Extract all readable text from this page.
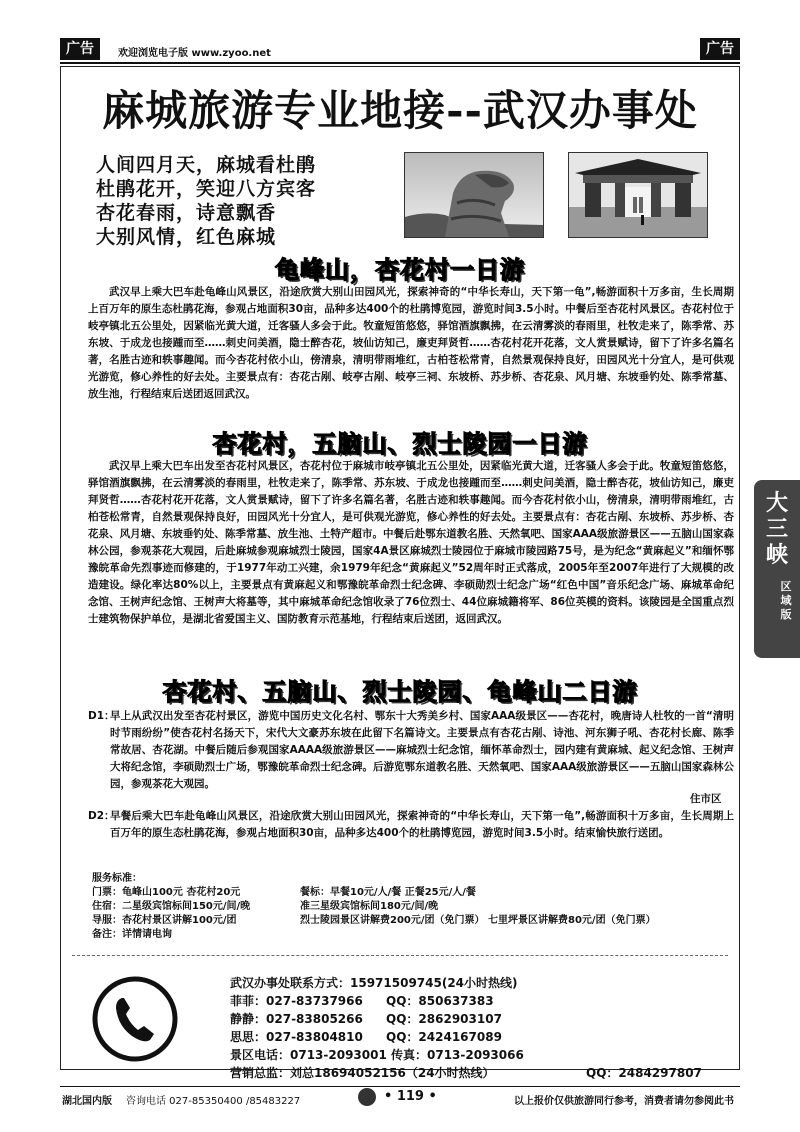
广告	欢迎浏览电子版 www.zyoo.net	广告
麻城旅游专业地接--武汉办事处
人间四月天，麻城看杜鹃
杜鹃花开，笑迎八方宾客
杏花春雨，诗意飘香
大别风情，红色麻城
龟峰山，杏花村一日游
武汉早上乘大巴车赴龟峰山风景区，沿途欣赏大别山田园风光，探索神奇的“中华长寿山，天下第一龟”,畅游面积十万多亩，生长周期上百万年的原生态杜鹃花海，参观占地面积30亩，品种多达400个的杜鹃博览园，游览时间3.5小时。中餐后至杏花村风景区。杏花村位于岐亭镇北五公里处，因紧临光黄大道，迁客骚人多会于此。牧童短笛悠悠，驿馆酒旗飘拂，在云清雾淡的春雨里，杜牧走来了，陈季常、苏东坡、于成龙也接踵而至……刺史问美酒，隐士醉杏花，坡仙访知己，廉吏拜贤哲……杏花村花开花落，文人赏景赋诗，留下了许多名篇名著，名胜古迹和轶事趣闻。而今杏花村依小山，傍清泉，清明带雨堆红，古柏苍松常青，自然景观保持良好，田园风光十分宜人，是可供观光游览，修心养性的好去处。主要景点有：杏花古剐、岐亭古剐、岐亭三祠、东坡桥、苏步桥、杏花泉、风月塘、东坡垂钓处、陈季常墓、放生池，行程结束后送团返回武汉。
杏花村，五脑山、烈士陵园一日游
武汉早上乘大巴车出发至杏花村风景区，杏花村位于麻城市岐亭镇北五公里处，因紧临光黄大道，迁客骚人多会于此。牧童短笛悠悠，驿馆酒旗飘拂，在云清雾淡的春雨里，杜牧走来了，陈季常、苏东坡、于成龙也接踵而至……刺史问美酒，隐士醉杏花，坡仙访知己，廉吏拜贤哲……杏花村花开花落，文人赏景赋诗，留下了许多名篇名著，名胜古迹和轶事趣闻。而今杏花村依小山，傍清泉，清明带雨堆红，古柏苍松常青，自然景观保持良好，田园风光十分宜人，是可供观光游览，修心养性的好去处。主要景点有：杏花古剐、东坡桥、苏步桥、杏花泉、风月塘、东坡垂钓处、陈季常墓、放生池、土特产超市。中餐后赴鄂东道教名胜、天然氧吧、国家AAA级旅游景区——五脑山国家森林公园，参观茶花大观园，后赴麻城参观麻城烈士陵园，国家4A景区麻城烈士陵园位于麻城市陵园路75号，是为纪念“黄麻起义”和缅怀鄂豫皖革命先烈事迹而修建的，于1977年动工兴建，余1979年纪念“黄麻起义”52周年时正式落成，2005年至2007年进行了大规模的改造建设。绿化率达80%以上，主要景点有黄麻起义和鄂豫皖革命烈士纪念碑、李硕勋烈士纪念广场“红色中国”音乐纪念广场、麻城革命纪念馆、王树声纪念馆、王树声大将墓等，其中麻城革命纪念馆收录了76位烈士、44位麻城籍将军、86位英模的资料。该陵园是全国重点烈士建筑物保护单位，是湖北省爱国主义、国防教育示范基地，行程结束后送团，返回武汉。
大三峡
区域版
杏花村、五脑山、烈士陵园、龟峰山二日游
D1：
早上从武汉出发至杏花村景区，游览中国历史文化名村、鄂东十大秀美乡村、国家AAA级景区——杏花村，晚唐诗人杜牧的一首“清明时节雨纷纷”使杏花村名扬天下，宋代大文豪苏东坡在此留下名篇诗文。主要景点有杏花古剐、诗池、河东狮子吼、杏花村长廊、陈季常故居、杏花湖。中餐后随后参观国家AAAA级旅游景区——麻城烈士纪念馆，缅怀革命烈士，园内建有黄麻城、起义纪念馆、王树声大将纪念馆，李硕勋烈士广场，鄂豫皖革命烈士纪念碑。后游览鄂东道教名胜、天然氧吧、国家AAA级旅游景区——五脑山国家森林公园，参观茶花大观园。
住市区
D2：
早餐后乘大巴车赴龟峰山风景区，沿途欣赏大别山田园风光，探索神奇的“中华长寿山，天下第一龟”,畅游面积十万多亩，生长周期上百万年的原生态杜鹃花海，参观占地面积30亩，品种多达400个的杜鹃博览园，游览时间3.5小时。结束愉快旅行送团。
服务标准：
门票：龟峰山100元 杏花村20元	餐标：早餐10元/人/餐 正餐25元/人/餐
住宿：二星级宾馆标间150元/间/晚	准三星级宾馆标间180元/间/晚
导服：杏花村景区讲解100元/团	烈士陵园景区讲解费200元/团（免门票） 七里坪景区讲解费80元/团（免门票）
备注：详情请电询
武汉办事处联系方式：15971509745(24小时热线)
菲菲：027-83737966 QQ：850637383
静静：027-83805266 QQ：2862903107
思思：027-83804810 QQ：2424167089
景区电话：0713-2093001 传真：0713-2093066
营销总监：刘总18694052156（24小时热线）	QQ：2484297807
湖北国内版 咨询电话 027-85350400 /85483227	• 119 •	以上报价仅供旅游同行参考，消费者请勿参阅此书
